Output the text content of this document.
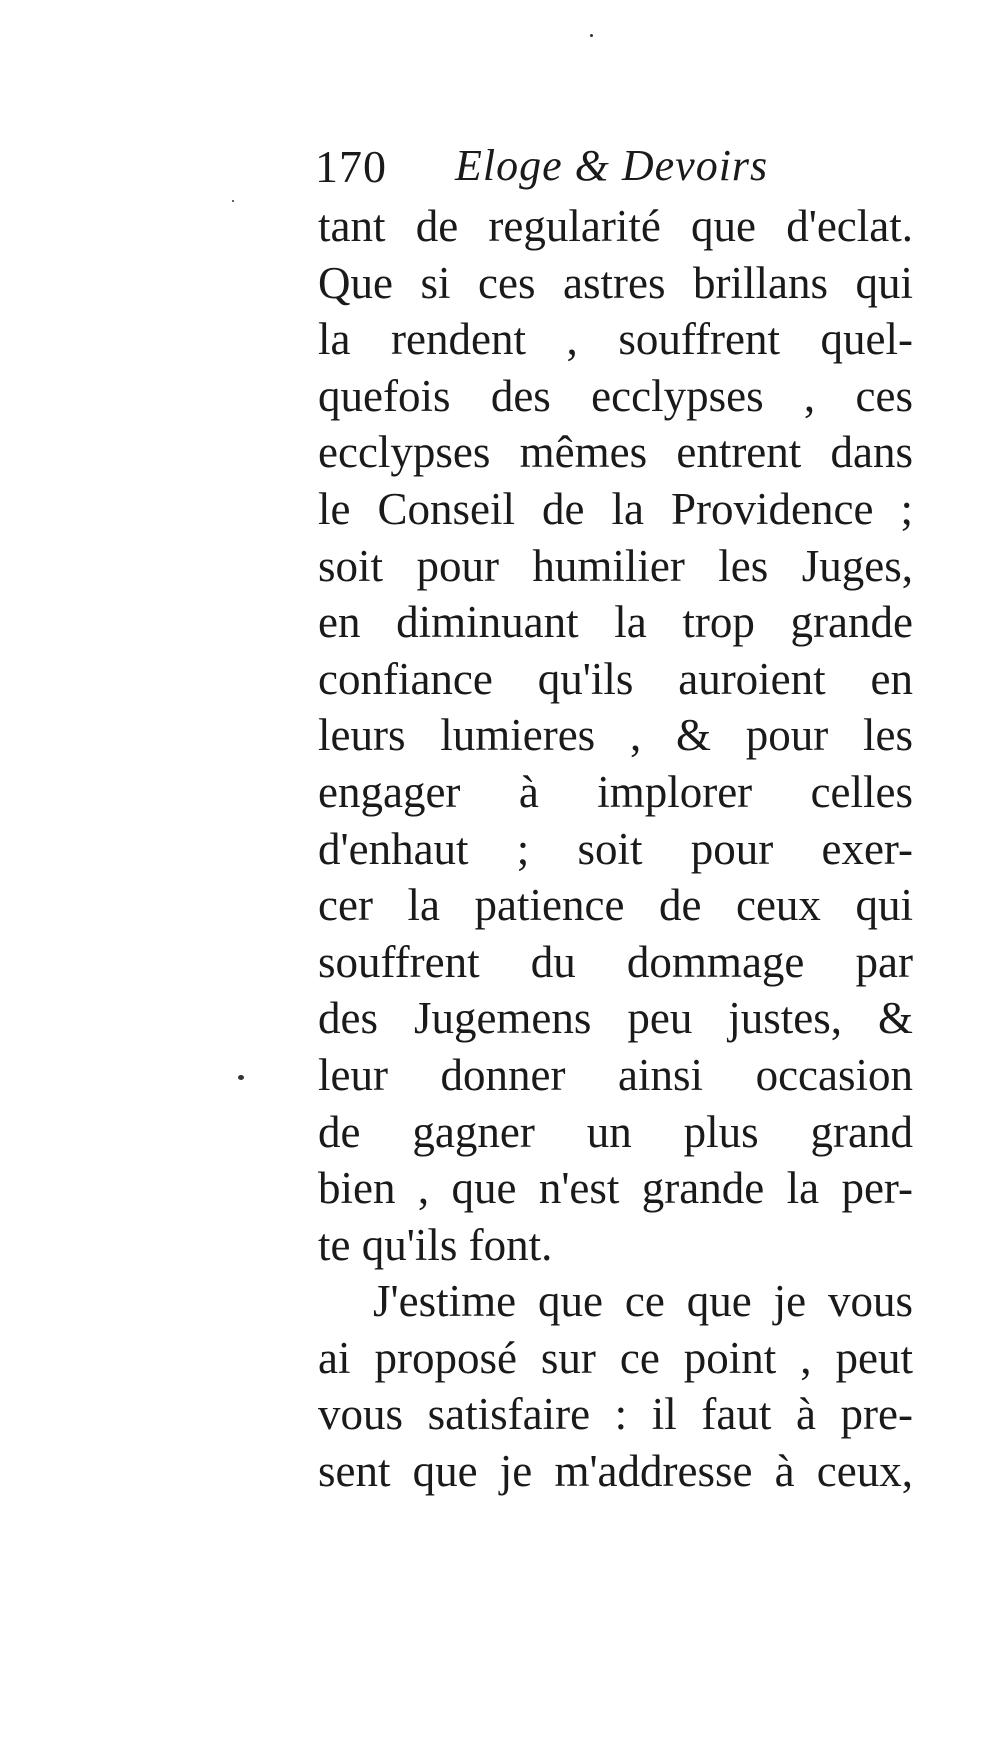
170 Eloge & Devoirs
tant de regularité que d'eclat.
Que si ces astres brillans qui
la rendent , souffrent quel-
quefois des ecclypses , ces
ecclypses mêmes entrent dans
le Conseil de la Providence ;
soit pour humilier les Juges,
en diminuant la trop grande
confiance qu'ils auroient en
leurs lumieres , & pour les
engager à implorer celles
d'enhaut ; soit pour exer-
cer la patience de ceux qui
souffrent du dommage par
des Jugemens peu justes, &
leur donner ainsi occasion
de gagner un plus grand
bien , que n'est grande la per-
te qu'ils font.
J'estime que ce que je vous
ai proposé sur ce point , peut
vous satisfaire : il faut à pre-
sent que je m'addresse à ceux,
